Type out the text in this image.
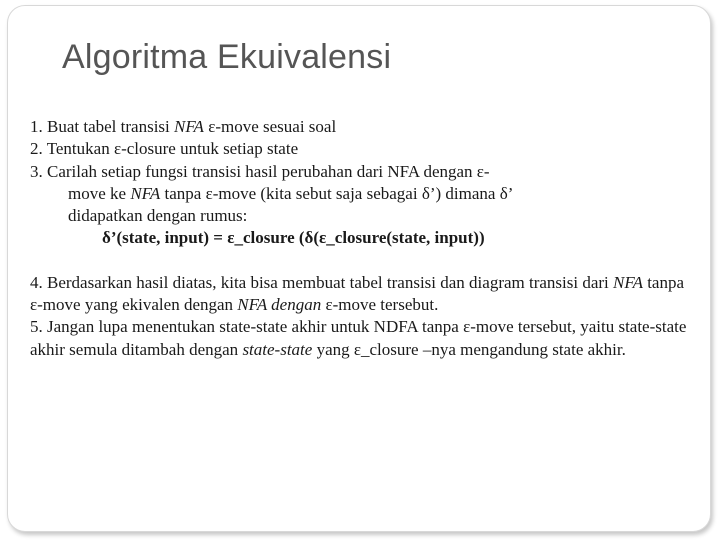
Algoritma Ekuivalensi

1. Buat tabel transisi NFA ε-move sesuai soal

2. Tentukan ε-closure untuk setiap state

3. Carilah setiap fungsi transisi hasil perubahan dari NFA dengan ε-

move ke NFA tanpa ε-move (kita sebut saja sebagai δ’) dimana δ’

didapatkan dengan rumus:

δ’(state, input) = ε_closure (δ(ε_closure(state, input))

4. Berdasarkan hasil diatas, kita bisa membuat tabel transisi dan diagram transisi dari NFA tanpa ε-move yang ekivalen dengan NFA dengan ε-move tersebut.

5. Jangan lupa menentukan state-state akhir untuk NDFA tanpa ε-move tersebut, yaitu state-state akhir semula ditambah dengan state-state yang ε_closure –nya mengandung state akhir.
